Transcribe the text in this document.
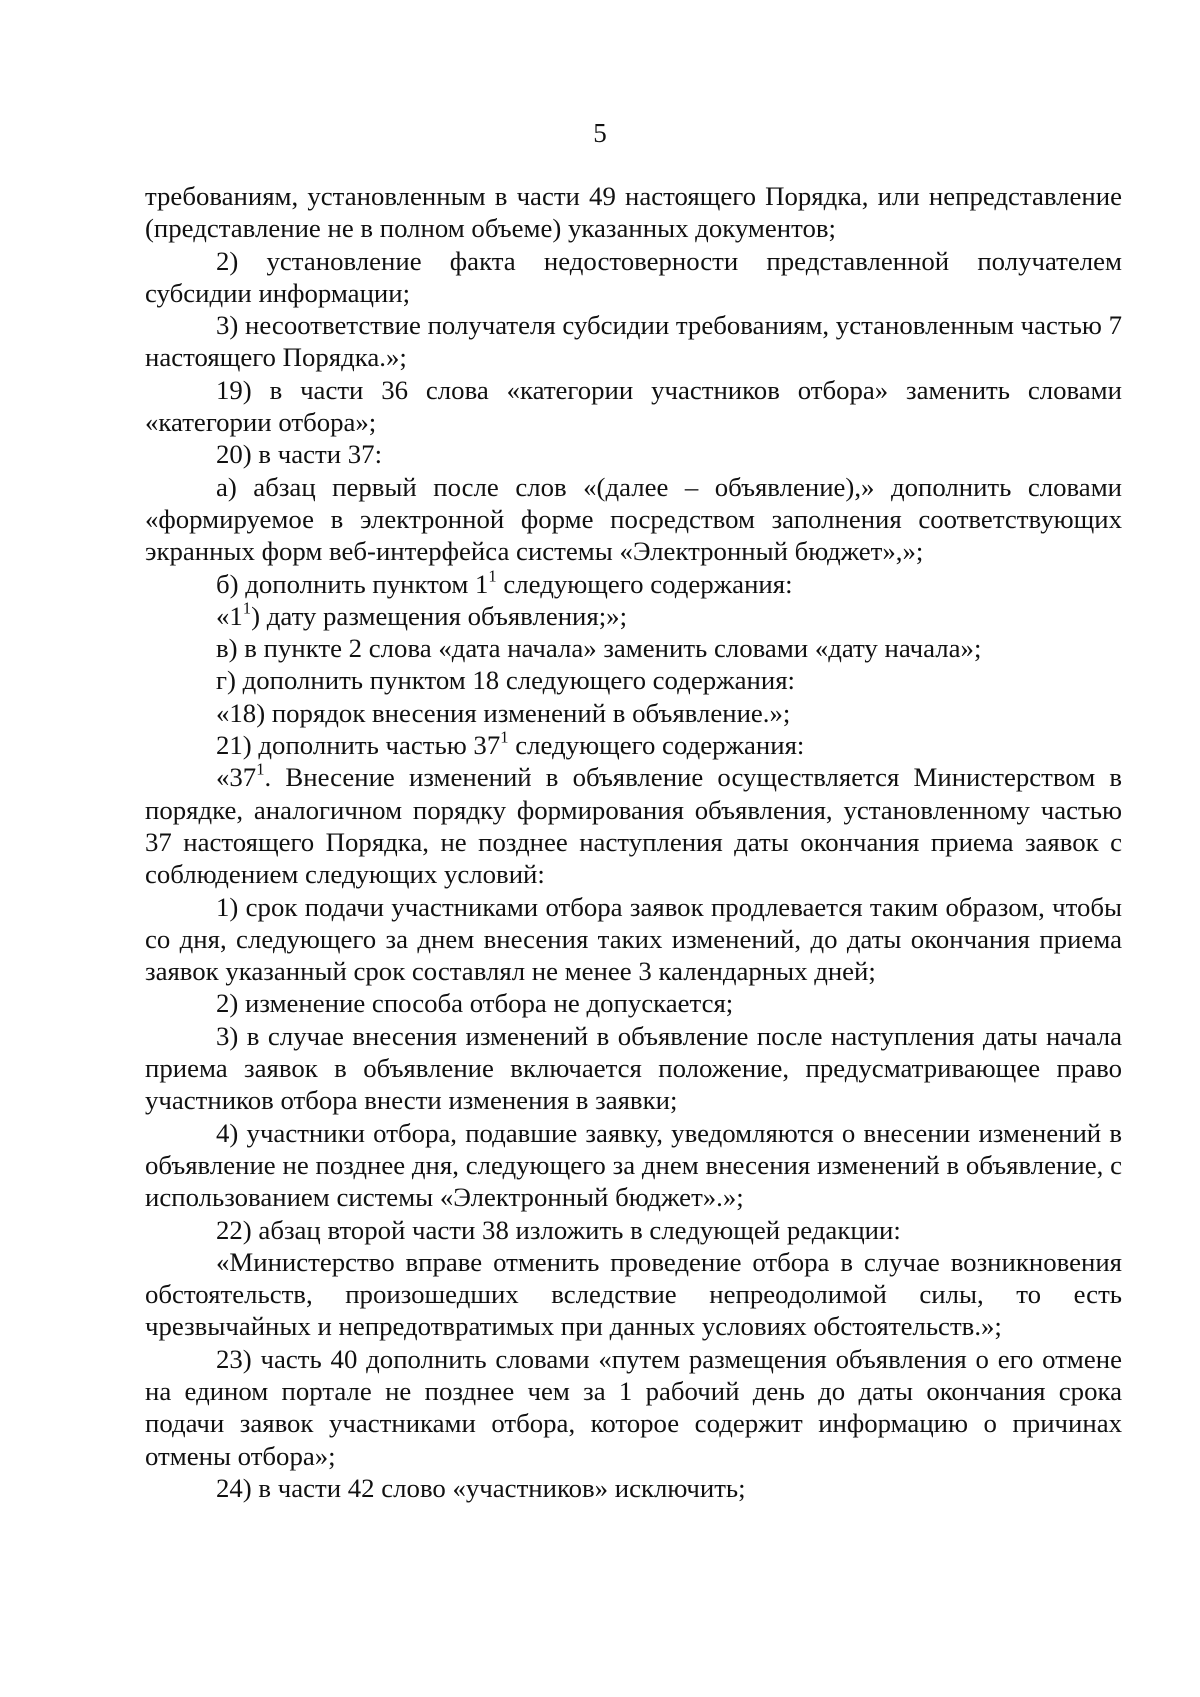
5

требованиям, установленным в части 49 настоящего Порядка, или непредставление (представление не в полном объеме) указанных документов;

2) установление факта недостоверности представленной получателем субсидии информации;

3) несоответствие получателя субсидии требованиям, установленным частью 7 настоящего Порядка.»;

19) в части 36 слова «категории участников отбора» заменить словами «категории отбора»;

20) в части 37:

а) абзац первый после слов «(далее – объявление),» дополнить словами «формируемое в электронной форме посредством заполнения соответствующих экранных форм веб-интерфейса системы «Электронный бюджет»,»;

б) дополнить пунктом $1^1$ следующего содержания:

«$1^1$) дату размещения объявления;»;

в) в пункте 2 слова «дата начала» заменить словами «дату начала»;

г) дополнить пунктом 18 следующего содержания:

«18) порядок внесения изменений в объявление.»;

21) дополнить частью $37^1$ следующего содержания:

«$37^1$. Внесение изменений в объявление осуществляется Министерством в порядке, аналогичном порядку формирования объявления, установленному частью 37 настоящего Порядка, не позднее наступления даты окончания приема заявок с соблюдением следующих условий:

1) срок подачи участниками отбора заявок продлевается таким образом, чтобы со дня, следующего за днем внесения таких изменений, до даты окончания приема заявок указанный срок составлял не менее 3 календарных дней;

2) изменение способа отбора не допускается;

3) в случае внесения изменений в объявление после наступления даты начала приема заявок в объявление включается положение, предусматривающее право участников отбора внести изменения в заявки;

4) участники отбора, подавшие заявку, уведомляются о внесении изменений в объявление не позднее дня, следующего за днем внесения изменений в объявление, с использованием системы «Электронный бюджет».»;

22) абзац второй части 38 изложить в следующей редакции:

«Министерство вправе отменить проведение отбора в случае возникновения обстоятельств, произошедших вследствие непреодолимой силы, то есть чрезвычайных и непредотвратимых при данных условиях обстоятельств.»;

23) часть 40 дополнить словами «путем размещения объявления о его отмене на едином портале не позднее чем за 1 рабочий день до даты окончания срока подачи заявок участниками отбора, которое содержит информацию о причинах отмены отбора»;

24) в части 42 слово «участников» исключить;
